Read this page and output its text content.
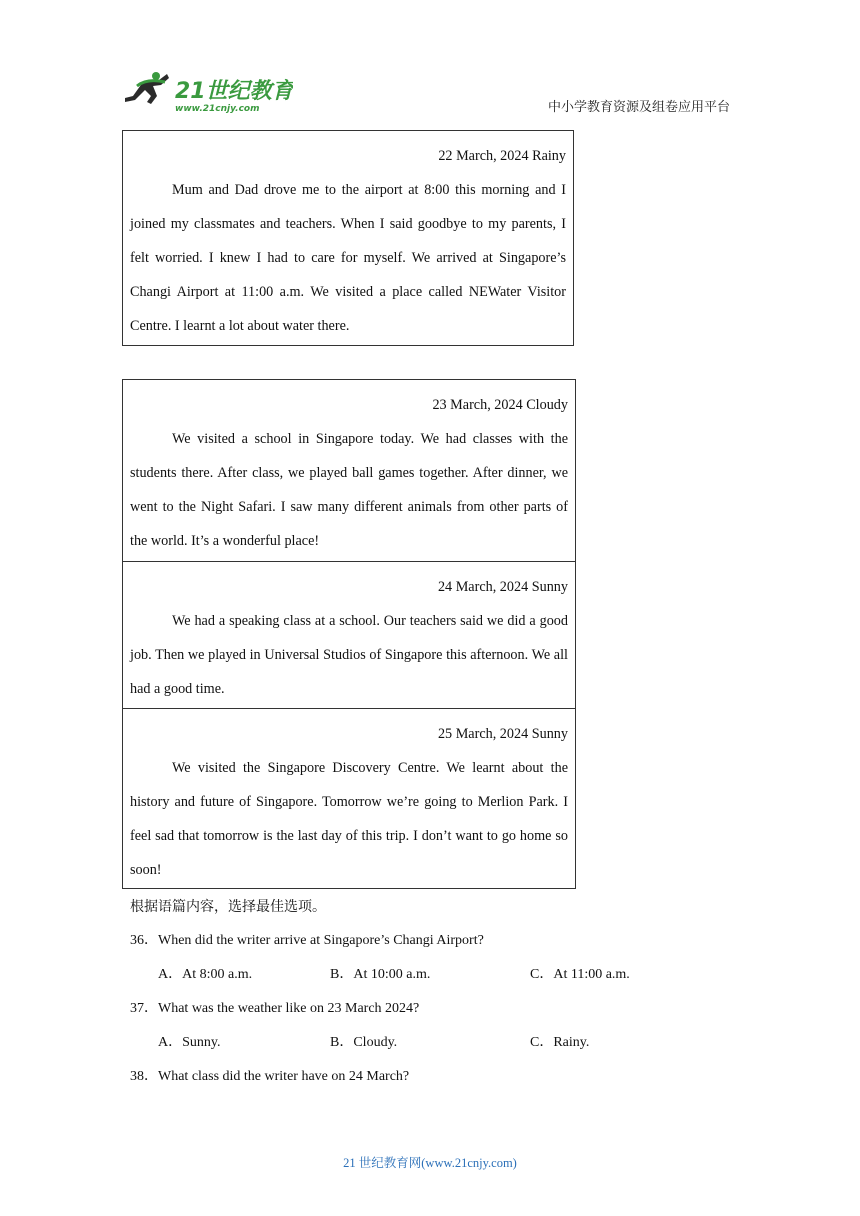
21世纪教育
www.21cnjy.com	中小学教育资源及组卷应用平台
22 March, 2024 Rainy
Mum and Dad drove me to the airport at 8:00 this morning and I joined my classmates and teachers. When I said goodbye to my parents, I felt worried. I knew I had to care for myself. We arrived at Singapore’s Changi Airport at 11:00 a.m. We visited a place called NEWater Visitor Centre. I learnt a lot about water there.
23 March, 2024 Cloudy
We visited a school in Singapore today. We had classes with the students there. After class, we played ball games together. After dinner, we went to the Night Safari. I saw many different animals from other parts of the world. It’s a wonderful place!
24 March, 2024 Sunny
We had a speaking class at a school. Our teachers said we did a good job. Then we played in Universal Studios of Singapore this afternoon. We all had a good time.
25 March, 2024 Sunny
We visited the Singapore Discovery Centre. We learnt about the history and future of Singapore. Tomorrow we’re going to Merlion Park. I feel sad that tomorrow is the last day of this trip. I don’t want to go home so soon!
根据语篇内容，选择最佳选项。
36．When did the writer arrive at Singapore’s Changi Airport?
A．At 8:00 a.m.	B．At 10:00 a.m.	C．At 11:00 a.m.
37．What was the weather like on 23 March 2024?
A．Sunny.	B．Cloudy.	C．Rainy.
38．What class did the writer have on 24 March?
21 世纪教育网(www.21cnjy.com)
